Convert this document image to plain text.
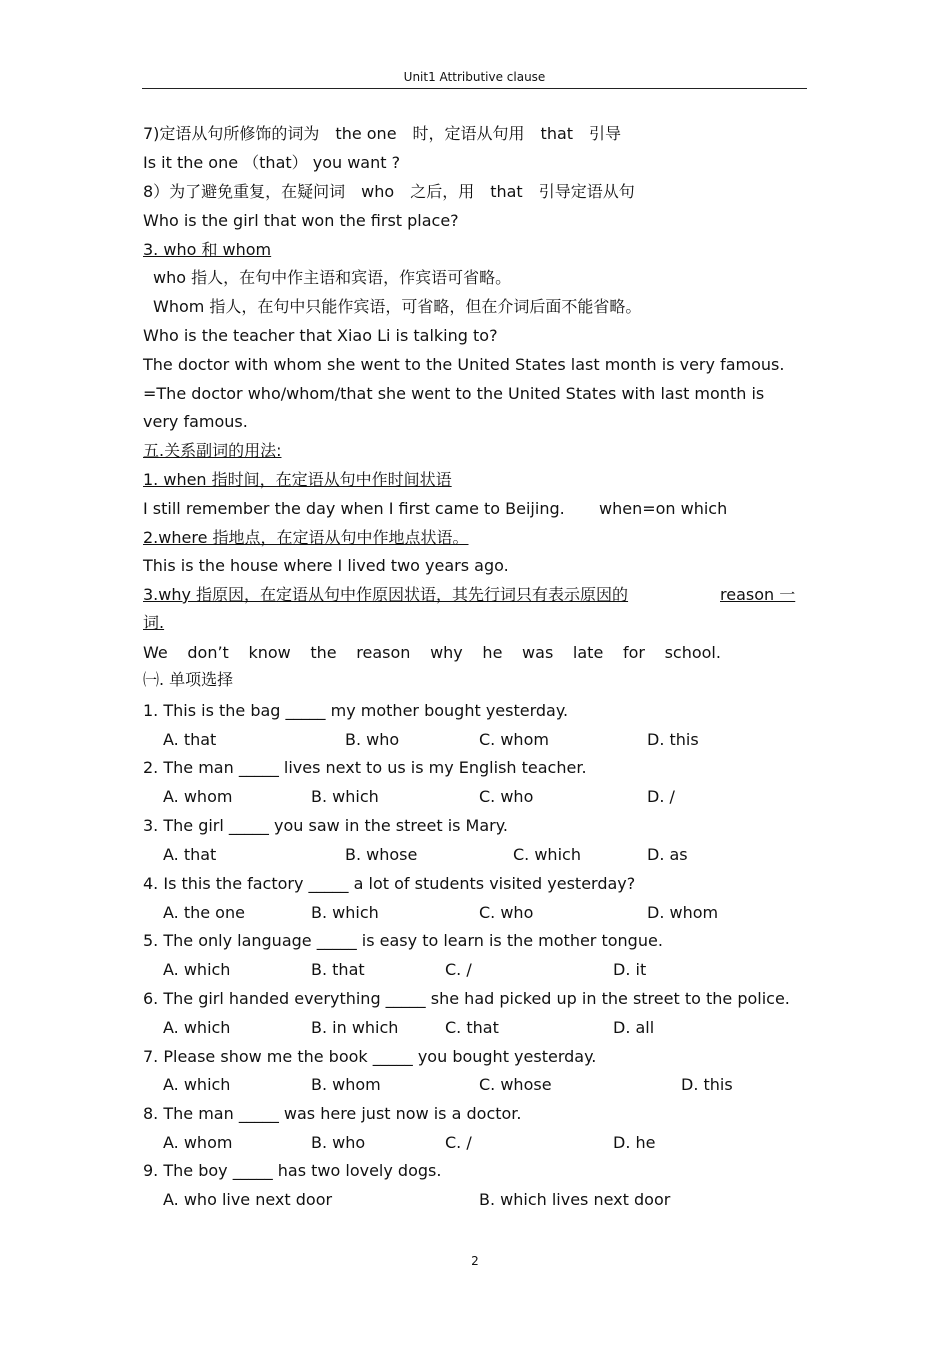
Unit1 Attributive clause
7)定语从句所修饰的词为　the one　时，定语从句用　that　引导
Is it the one （that） you want ?
8）为了避免重复，在疑问词　who　之后，用　that　引导定语从句
Who is the girl that won the first place?
3. who 和 whom
who 指人，在句中作主语和宾语，作宾语可省略。
Whom 指人，在句中只能作宾语，可省略，但在介词后面不能省略。
Who is the teacher that Xiao Li is talking to?
The doctor with whom she went to the United States last month is very famous.
=The doctor who/whom/that she went to the United States with last month is
very famous.
五.关系副词的用法:
1. when 指时间，在定语从句中作时间状语
I still remember the day when I first came to Beijing. when=on which
2.where 指地点，在定语从句中作地点状语。
This is the house where I lived two years ago.
3.why 指原因，在定语从句中作原因状语，其先行词只有表示原因的	reason 一
词.
We don’t know the reason why he was late for school.
㈠. 单项选择
1. This is the bag _____ my mother bought yesterday.
A. that	B. who	C. whom	D. this
2. The man _____ lives next to us is my English teacher.
A. whom	B. which	C. who	D. /
3. The girl _____ you saw in the street is Mary.
A. that	B. whose	C. which	D. as
4. Is this the factory _____ a lot of students visited yesterday?
A. the one	B. which	C. who	D. whom
5. The only language _____ is easy to learn is the mother tongue.
A. which	B. that	C. /	D. it
6. The girl handed everything _____ she had picked up in the street to the police.
A. which	B. in which	C. that	D. all
7. Please show me the book _____ you bought yesterday.
A. which	B. whom	C. whose	D. this
8. The man _____ was here just now is a doctor.
A. whom	B. who	C. /	D. he
9. The boy _____ has two lovely dogs.
A. who live next door	B. which lives next door
2
